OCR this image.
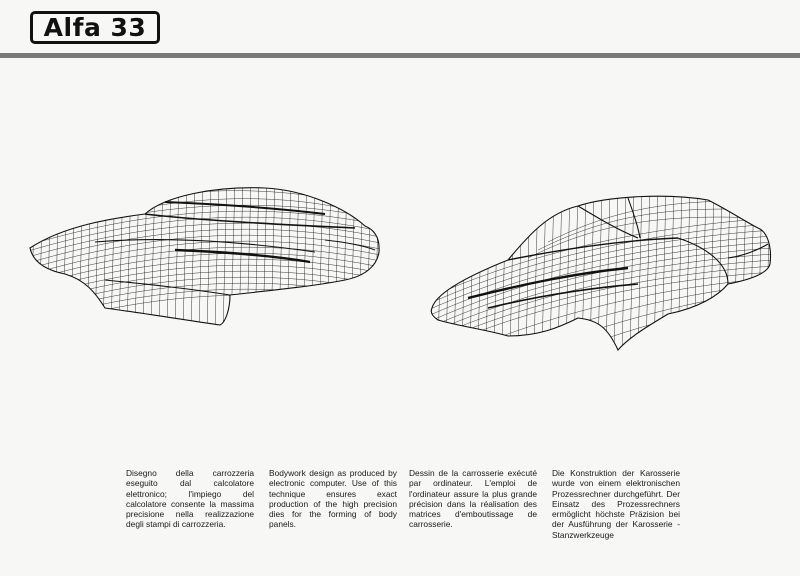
Alfa 33
Disegno della carrozzeria eseguito dal calcolatore elettronico; l'impiego del calcolatore consente la massima precisione nella realizzazione degli stampi di carrozzeria.
Bodywork design as produced by electronic computer. Use of this technique ensures exact production of the high precision dies for the forming of body panels.
Dessin de la carrosserie exécuté par ordinateur. L'emploi de l'ordinateur assure la plus grande précision dans la réalisation des matrices d'emboutissage de carrosserie.
Die Konstruktion der Karosserie wurde von einem elektronischen Prozessrechner durchgeführt. Der Einsatz des Prozessrechners ermöglicht höchste Präzision bei der Ausführung der Karosserie - Stanzwerkzeuge
